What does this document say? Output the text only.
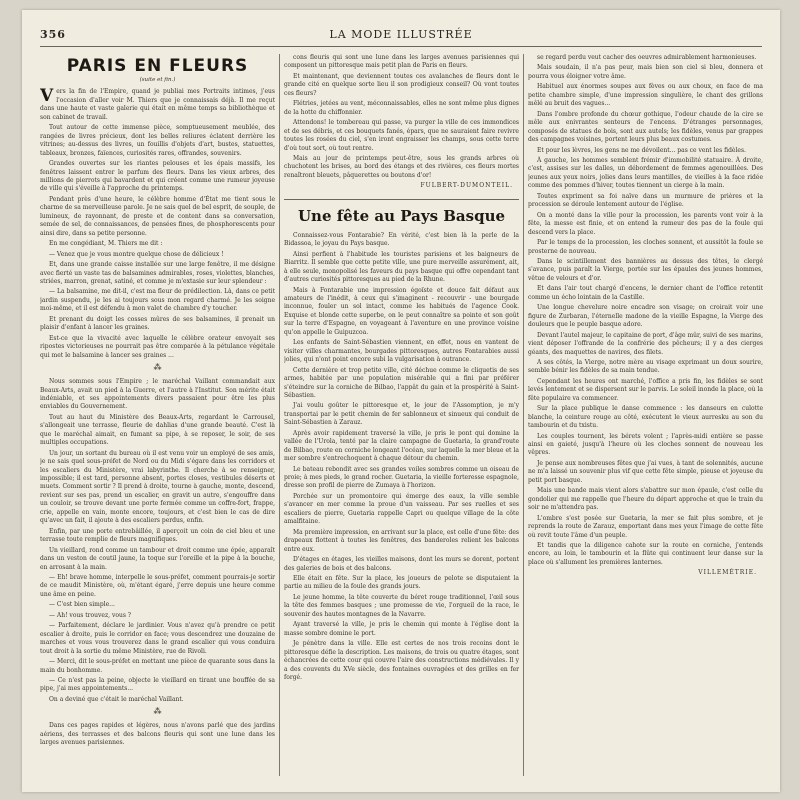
356	LA MODE ILLUSTRÉE
PARIS EN FLEURS
(suite et fin.)

Vers la fin de l'Empire, quand je publiai mes Portraits intimes, j'eus l'occasion d'aller voir M. Thiers que je connaissais déjà. Il me reçut dans une haute et vaste galerie qui était en même temps sa bibliothèque et son cabinet de travail.

Tout autour de cette immense pièce, somptueusement meublée, des rangées de livres précieux, dont les belles reliures éclatent derrière les vitrines; au-dessus des livres, un fouillis d'objets d'art, bustes, statuettes, tableaux, bronzes, faïences, curiosités rares, offrandes, souvenirs.

Grandes ouvertes sur les riantes pelouses et les épais massifs, les fenêtres laissent entrer le parfum des fleurs. Dans les vieux arbres, des millions de pierrots qui bavardent et qui créent comme une rumeur joyeuse de ville qui s'éveille à l'approche du printemps.

Pendant près d'une heure, le célèbre homme d'État me tient sous le charme de sa merveilleuse parole. Je ne sais quel de bel esprit, de souple, de lumineux, de rayonnant, de preste et de content dans sa conversation, semée de sel, de connaissances, de pensées fines, de phosphorescents pour ainsi dire, dans sa petite personne.

En me congédiant, M. Thiers me dit :

— Venez que je vous montre quelque chose de délicieux !

Et, dans une grande caisse installée sur une large fenêtre, il me désigne avec fierté un vaste tas de balsamines admirables, roses, violettes, blanches, striées, marron, grenat, satiné, et comme je m'extasie sur leur splendeur :

— La balsamine, me dit-il, c'est ma fleur de prédilection. Là, dans ce petit jardin suspendu, je les ai toujours sous mon regard charmé. Je les soigne moi-même, et il est défendu à mon valet de chambre d'y toucher.

Et prenant du doigt les cosses mûres de ses balsamines, il prenait un plaisir d'enfant à lancer les graines.

Est-ce que la vivacité avec laquelle le célèbre orateur envoyait ses ripostes victorieuses ne pourrait pas être comparée à la pétulance végétale qui met le balsamine à lancer ses graines ...

⁂

Nous sommes sous l'Empire ; le maréchal Vaillant commandait aux Beaux-Arts, avait un pied à la Guerre, et l'autre à l'Institut. Son mérite était indéniable, et ses appointements divers passaient pour être les plus enviables du Gouvernement.

Tout au haut du Ministère des Beaux-Arts, regardant le Carrousel, s'allongeait une terrasse, fleurie de dahlias d'une grande beauté. C'est là que le maréchal aimait, en fumant sa pipe, à se reposer, le soir, de ses multiples occupations.

Un jour, un sortant du bureau où il est venu voir un employé de ses amis, je ne sais quel sous-préfet de Nord ou du Midi s'égare dans les corridors et les escaliers du Ministère, vrai labyrinthe. Il cherche à se renseigner, impossible; il est tard, personne absent, portes closes, vestibules déserts et muets. Comment sortir ? Il prend à droite, tourne à gauche, monte, descend, revient sur ses pas, prend un escalier, en gravit un autre, s'engouffre dans un couloir, se trouve devant une porte fermée comme un coffre-fort, frappe, crie, appelle en vain, monte encore, toujours, et c'est bien le cas de dire qu'avec un fait, il ajoute à des escaliers perdus, enfin.

Enfin, par une porte entrebâillée, il aperçoit un coin de ciel bleu et une terrasse toute remplie de fleurs magnifiques.

Un vieillard, rond comme un tambour et droit comme une épée, apparaît dans un veston de coutil jaune, la toque sur l'oreille et la pipe à la bouche, en arrosant à la main.

— Eh! brave homme, interpelle le sous-préfet, comment pourrais-je sortir de ce maudit Ministère, où, m'étant égaré, j'erre depuis une heure comme une âme en peine.

— C'est bien simple...

— Ah! vous trouvez, vous ?

— Parfaitement, déclare le jardinier. Vous n'avez qu'à prendre ce petit escalier à droite, puis le corridor en face; vous descendrez une douzaine de marches et vous vous trouverez dans le grand escalier qui vous conduira tout droit à la sortie du même Ministère, rue de Rivoli.

— Merci, dit le sous-préfet en mettant une pièce de quarante sous dans la main du bonhomme.

— Ce n'est pas la peine, objecte le vieillard en tirant une bouffée de sa pipe, j'ai mes appointements...

On a deviné que c'était le maréchal Vaillant.

⁂

Dans ces pages rapides et légères, nous n'avons parlé que des jardins aériens, des terrasses et des balcons fleuris qui sont une lune dans les larges avenues parisiennes.

cons fleuris qui sont une lune dans les larges avenues parisiennes qui composent un pittoresque mais petit plan de Paris en fleurs.

Et maintenant, que deviennent toutes ces avalanches de fleurs dont le grande cité en quelque sorte lieu il son prodigieux conseil? Où vont toutes ces fleurs?

Flétries, jetées au vent, méconnaissables, elles ne sont même plus dignes de la hotte du chiffonnier.

Attendons! le tombereau qui passe, va purger la ville de ces immondices et de ses débris, et ces bouquets fanés, épars, que ne sauraient faire revivre toutes les rosées du ciel, s'en iront engraisser les champs, sous cette terre d'où tout sort, où tout rentre.

Mais au jour de printemps peut-être, sous les grands arbres où chuchotent les brises, au bord des étangs et des rivières, ces fleurs mortes renaîtront bleuets, pâquerettes ou boutons d'or!

FULBERT-DUMONTEIL.
Une fête au Pays Basque

Connaissez-vous Fontarabie? En vérité, c'est bien là la perle de la Bidassoa, le joyau du Pays basque.

Ainsi perfient à l'habitude les touristes parisiens et les baigneurs de Biarritz. Il semble que cette petite ville, une pure merveille assurément, ait, à elle seule, monopolisé les faveurs du pays basque qui offre cependant tant d'autres curiosités pittoresques au pied de la Rhune.

Mais à Fontarabie une impression égoïste et douce fait défaut aux amateurs de l'inédit, à ceux qui s'imaginent - recouvrir - une bourgade inconnue, fouler un sol intact, comme les habitués de l'agence Cook. Exquise et blonde cette superbe, on le peut connaître sa pointe et son goût sur la terre d'Espagne, en voyageant à l'aventure en une province voisine qu'on appelle le Guipuzcoa.

Les enfants de Saint-Sébastien viennent, en effet, nous en vantent de visiter villes charmantes, bourgades pittoresques, autres Fontarabies aussi jolies, qui n'ont point encore subi la vulgarisation à outrance.

Cette dernière et trop petite ville, cité déchue comme le cliquetis de ses armes, habitée par une population misérable qui a fini par préférer s'éteindre sur la corniche de Bilbao, l'appât du gain et la prospérité à Saint-Sébastien.

J'ai voulu goûter le pittoresque et, le jour de l'Assomption, je m'y transportai par le petit chemin de fer sablonneux et sinueux qui conduit de Saint-Sébastien à Zarauz.

Après avoir rapidement traversé la ville, je pris le pont qui domine la vallée de l'Urola, tenté par la claire campagne de Guetaria, la grand'route de Bilbao, route en corniche longeant l'océan, sur laquelle la mer bleue et la mer sombre s'entrechoquent à chaque détour du chemin.

Le bateau rebondit avec ses grandes voiles sombres comme un oiseau de proie; à mes pieds, le grand rocher. Guetaria, la vieille forteresse espagnole, dresse son profil de pierre de Zumaya à l'horizon.

Porchée sur un promontoire qui émerge des eaux, la ville semble s'avancer en mer comme la proue d'un vaisseau. Par ses ruelles et ses escaliers de pierre, Guetaria rappelle Capri ou quelque village de la côte amalfitaine.

Ma première impression, en arrivant sur la place, est celle d'une fête: des drapeaux flottent à toutes les fenêtres, des banderoles relient les balcons entre eux.

D'étages en étages, les vieilles maisons, dont les murs se dorent, portent des galeries de bois et des balcons.

Elle était en fête. Sur la place, les joueurs de pelote se disputaient la partie au milieu de la foule des grands jours.

Le jeune homme, la tête couverte du béret rouge traditionnel, l'œil sous la tête des femmes basques ; une promesse de vie, l'orgueil de la race, le souvenir des hautes montagnes de la Navarre.

Ayant traversé la ville, je pris le chemin qui monte à l'église dont la masse sombre domine le port.

Je pénètre dans la ville. Elle est certes de nos trois recoins dont le pittoresque défie la description. Les maisons, de trois ou quatre étages, sont échancrées de cette cour qui couvre l'aire des constructions médiévales. Il y a des couvents du XVe siècle, des fontaines ouvragées et des grilles en fer forgé.

se regard perdu veut cacher des oeuvres admirablement harmonieuses.

Mais soudain, il n'a pas peur, mais bien son ciel si bleu, donnera et pourra vous éloigner votre âme.

Habituel aux énormes soupes aux fèves ou aux choux, en face de ma petite chambre simple, d'une impression singulière, le chant des grillons mêlé au bruit des vagues...

Dans l'ombre profonde du chœur gothique, l'odeur chaude de la cire se mêle aux enivrantes senteurs de l'encens. D'étranges personnages, composés de statues de bois, sont aux autels; les fidèles, venus par grappes des campagnes voisines, portent leurs plus beaux costumes.

Et pour les lèvres, les gens ne me dévoilent... pas ce vent les fidèles.

À gauche, les hommes semblent frémir d'immobilité statuaire. À droite, c'est, assises sur les dalles, un débordement de femmes agenouillées. Des jeunes aux yeux noirs, jolies dans leurs mantilles, de vieilles à la face ridée comme des pommes d'hiver, toutes tiennent un cierge à la main.

Toutes expriment sa foi naïve dans un murmure de prières et la procession se déroule lentement autour de l'église.

On a monté dans la ville pour la procession, les parents vont voir à la fête, la messe est finie, et on entend la rumeur des pas de la foule qui descend vers la place.

Par le temps de la procession, les cloches sonnent, et aussitôt la foule se prosterne de nouveau.

Dans le scintillement des bannières au dessus des têtes, le clergé s'avance, puis paraît la Vierge, portée sur les épaules des jeunes hommes, vêtue de velours et d'or.

Et dans l'air tout chargé d'encens, le dernier chant de l'office retentit comme un écho lointain de la Castille.

Une longue chevelure noire encadre son visage; on croirait voir une figure de Zurbaran, l'éternelle madone de la vieille Espagne, la Vierge des douleurs que le peuple basque adore.

Devant l'autel majeur, le capitaine de port, d'âge mûr, suivi de ses marins, vient déposer l'offrande de la confrérie des pêcheurs; il y a des cierges géants, des maquettes de navires, des filets.

A ses côtés, la Vierge, notre mère au visage exprimant un doux sourire, semble bénir les fidèles de sa main tendue.

Cependant les heures ont marché, l'office a pris fin, les fidèles se sont levés lentement et se dispersent sur le parvis. Le soleil inonde la place, où la fête populaire va commencer.

Sur la place publique le danse commence : les danseurs en culotte blanche, la ceinture rouge au côté, exécutent le vieux aurresku au son du tambourin et du txistu.

Les couples tournent, les bérets volent ; l'après-midi entière se passe ainsi en gaieté, jusqu'à l'heure où les cloches sonnent de nouveau les vêpres.

Je pense aux nombreuses fêtes que j'ai vues, à tant de solennités, aucune ne m'a laissé un souvenir plus vif que cette fête simple, pieuse et joyeuse du petit port basque.

Mais une bande mais vient alors s'abattre sur mon épaule, c'est celle du gondolier qui me rappelle que l'heure du départ approche et que le train du soir ne m'attendra pas.

L'ombre s'est posée sur Guetaria, la mer se fait plus sombre, et je reprends la route de Zarauz, emportant dans mes yeux l'image de cette fête où revit toute l'âme d'un peuple.

Et tandis que la diligence cahote sur la route en corniche, j'entends encore, au loin, le tambourin et la flûte qui continuent leur danse sur la place où s'allument les premières lanternes.

VILLEMÉTRIE.
